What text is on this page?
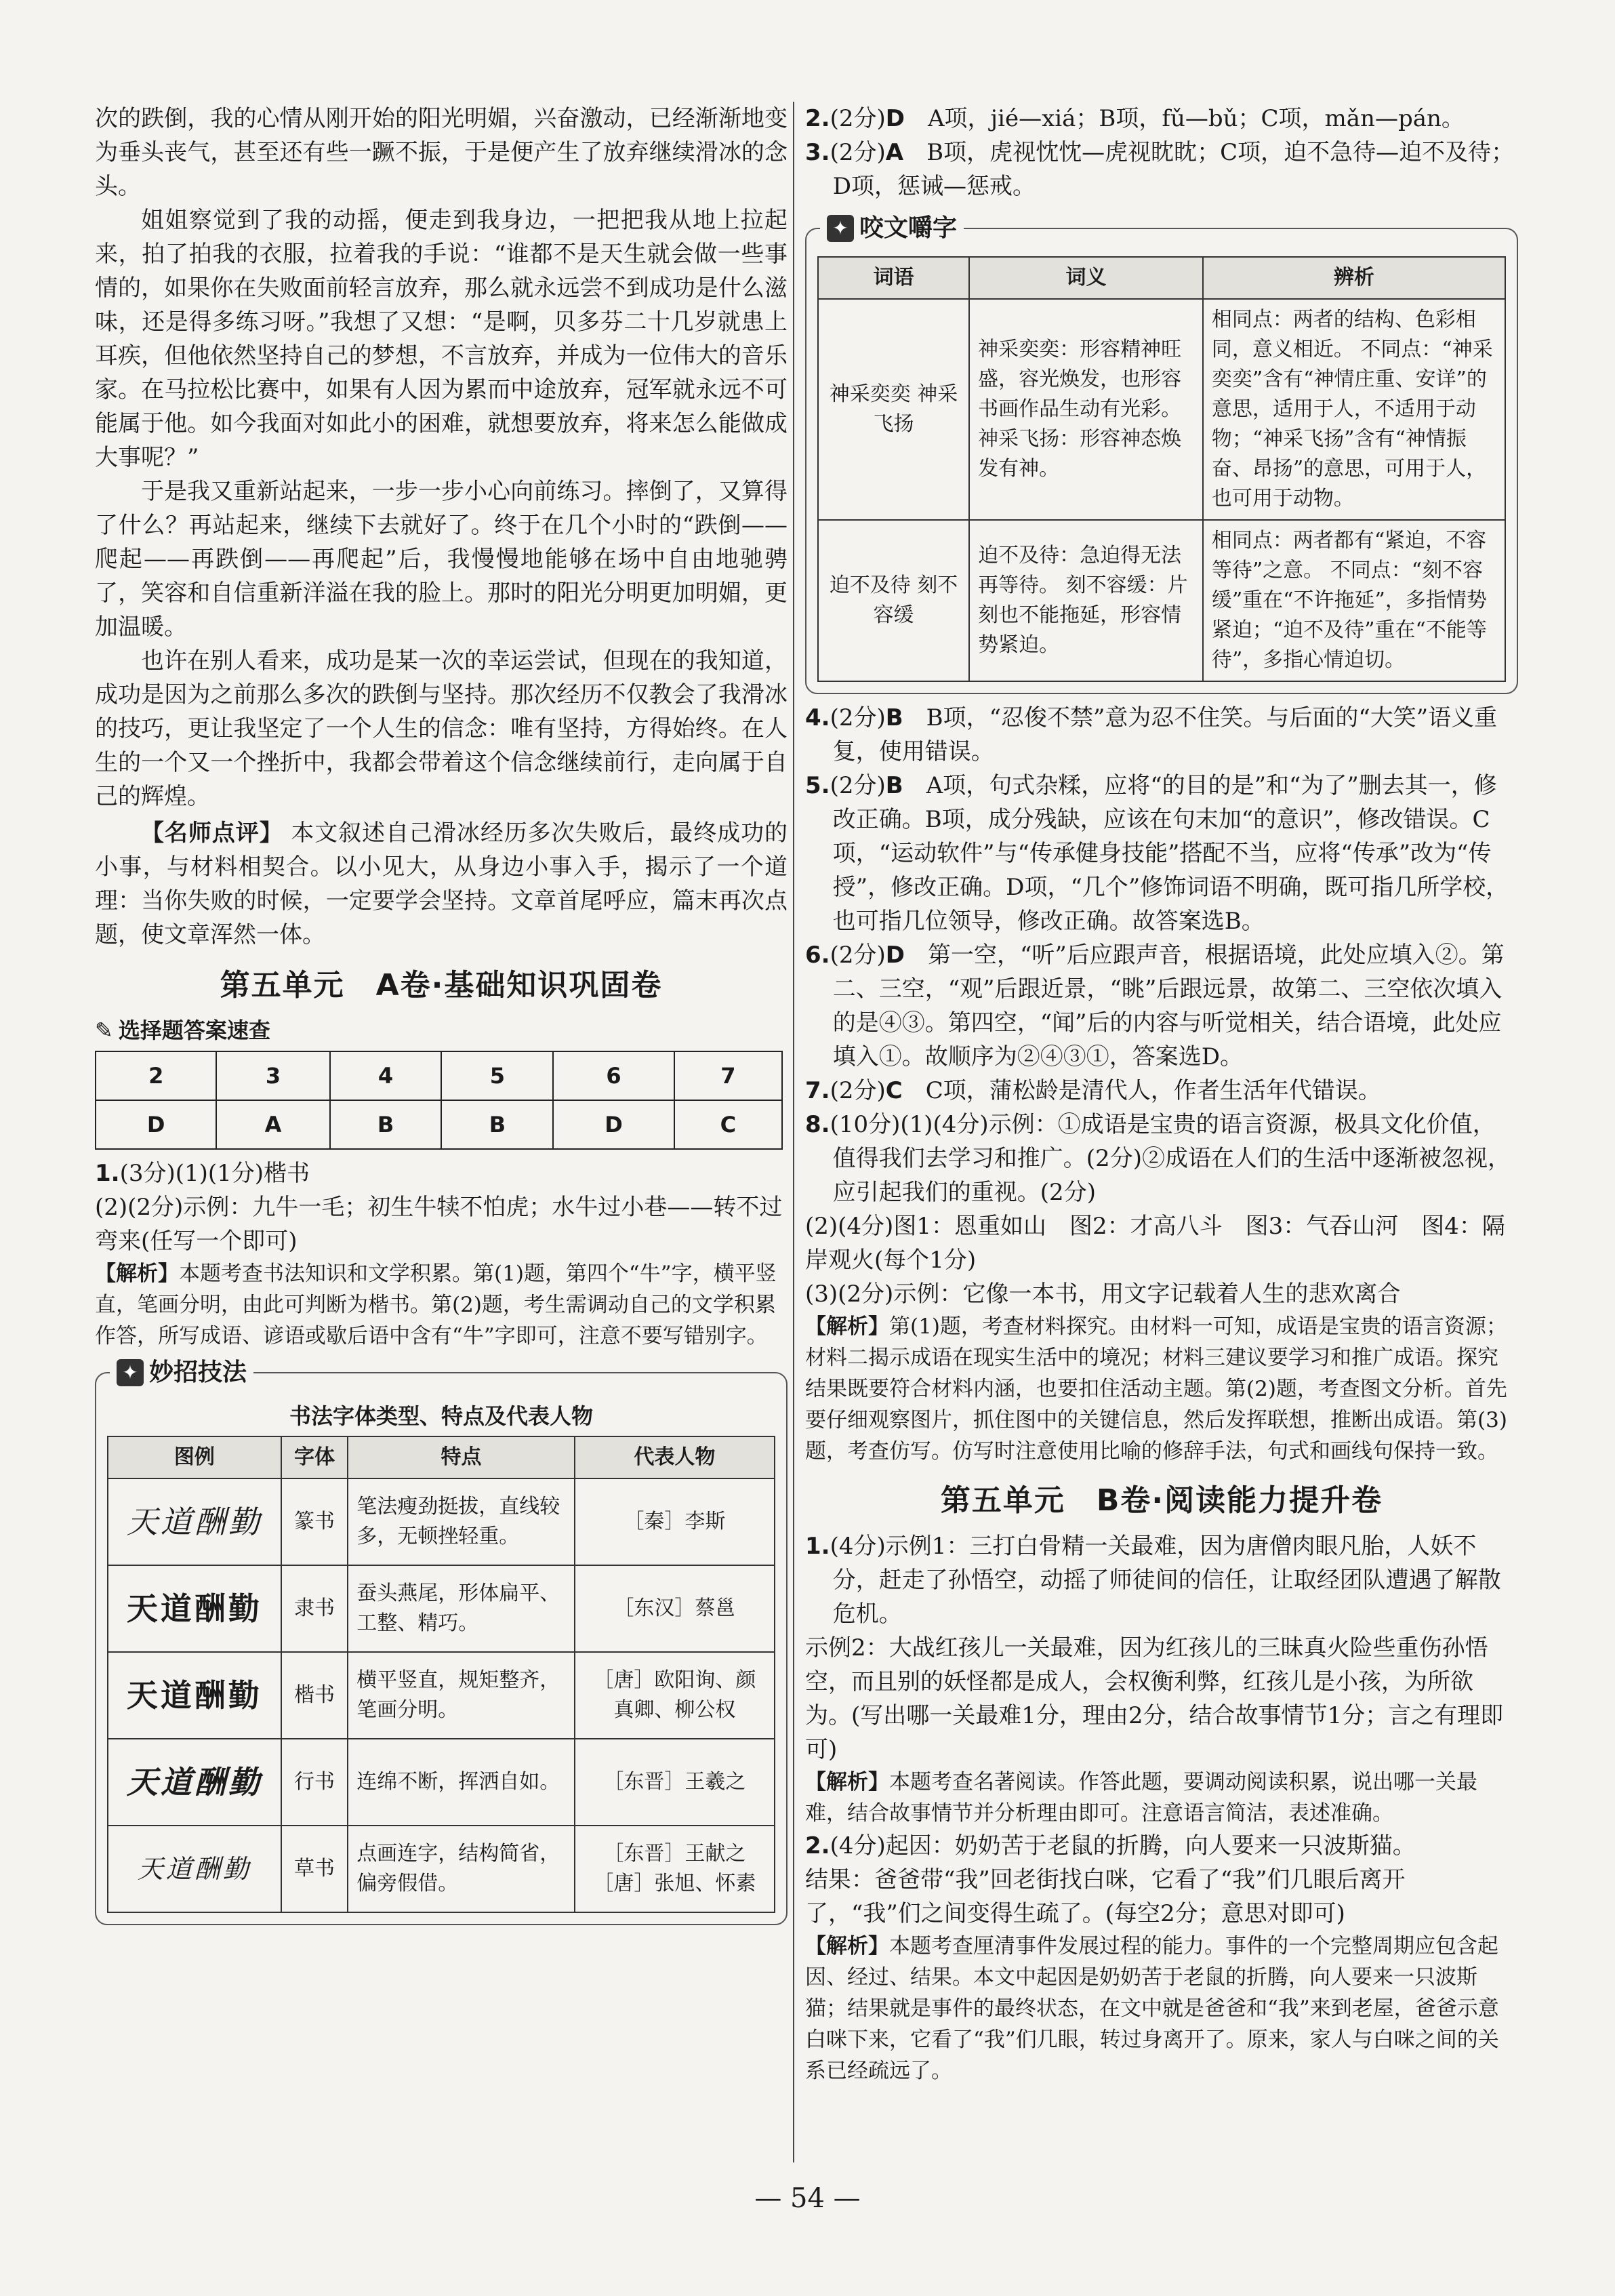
次的跌倒，我的心情从刚开始的阳光明媚，兴奋激动，已经渐渐地变为垂头丧气，甚至还有些一蹶不振，于是便产生了放弃继续滑冰的念头。
姐姐察觉到了我的动摇，便走到我身边，一把把我从地上拉起来，拍了拍我的衣服，拉着我的手说：“谁都不是天生就会做一些事情的，如果你在失败面前轻言放弃，那么就永远尝不到成功是什么滋味，还是得多练习呀。”我想了又想：“是啊，贝多芬二十几岁就患上耳疾，但他依然坚持自己的梦想，不言放弃，并成为一位伟大的音乐家。在马拉松比赛中，如果有人因为累而中途放弃，冠军就永远不可能属于他。如今我面对如此小的困难，就想要放弃，将来怎么能做成大事呢？”
于是我又重新站起来，一步一步小心向前练习。摔倒了，又算得了什么？再站起来，继续下去就好了。终于在几个小时的“跌倒——爬起——再跌倒——再爬起”后，我慢慢地能够在场中自由地驰骋了，笑容和自信重新洋溢在我的脸上。那时的阳光分明更加明媚，更加温暖。
也许在别人看来，成功是某一次的幸运尝试，但现在的我知道，成功是因为之前那么多次的跌倒与坚持。那次经历不仅教会了我滑冰的技巧，更让我坚定了一个人生的信念：唯有坚持，方得始终。在人生的一个又一个挫折中，我都会带着这个信念继续前行，走向属于自己的辉煌。
【名师点评】 本文叙述自己滑冰经历多次失败后，最终成功的小事，与材料相契合。以小见大，从身边小事入手，揭示了一个道理：当你失败的时候，一定要学会坚持。文章首尾呼应，篇末再次点题，使文章浑然一体。
第五单元　A卷·基础知识巩固卷
✎ 选择题答案速查
2	3	4	5	6	7
D	A	B	B	D	C
1.(3分)(1)(1分)楷书
(2)(2分)示例：九牛一毛；初生牛犊不怕虎；水牛过小巷——转不过弯来(任写一个即可)
【解析】本题考查书法知识和文学积累。第(1)题，第四个“牛”字，横平竖直，笔画分明，由此可判断为楷书。第(2)题，考生需调动自己的文学积累作答，所写成语、谚语或歇后语中含有“牛”字即可，注意不要写错别字。
✦ 妙招技法
书法字体类型、特点及代表人物
图例	字体	特点	代表人物
天道酬勤	篆书	笔法瘦劲挺拔，直线较多，无顿挫轻重。	［秦］李斯
天道酬勤	隶书	蚕头燕尾，形体扁平、工整、精巧。	［东汉］蔡邕
天道酬勤	楷书	横平竖直，规矩整齐，笔画分明。	［唐］欧阳询、颜真卿、柳公权
天道酬勤	行书	连绵不断，挥洒自如。	［东晋］王羲之
天道酬勤	草书	点画连字，结构简省，偏旁假借。	［东晋］王献之 ［唐］张旭、怀素
2.(2分)D　 A项，jié—xiá；B项，fǔ—bǔ；C项，mǎn—pán。
3.(2分)A　 B项，虎视忱忱—虎视眈眈；C项，迫不急待—迫不及待；D项，惩诫—惩戒。
✦ 咬文嚼字
词语	词义	辨析
神采奕奕 神采飞扬	神采奕奕：形容精神旺盛，容光焕发，也形容书画作品生动有光彩。 神采飞扬：形容神态焕发有神。	相同点：两者的结构、色彩相同，意义相近。 不同点：“神采奕奕”含有“神情庄重、安详”的意思，适用于人，不适用于动物；“神采飞扬”含有“神情振奋、昂扬”的意思，可用于人，也可用于动物。
迫不及待 刻不容缓	迫不及待：急迫得无法再等待。 刻不容缓：片刻也不能拖延，形容情势紧迫。	相同点：两者都有“紧迫，不容等待”之意。 不同点：“刻不容缓”重在“不许拖延”，多指情势紧迫；“迫不及待”重在“不能等待”，多指心情迫切。
4.(2分)B　 B项，“忍俊不禁”意为忍不住笑。与后面的“大笑”语义重复，使用错误。
5.(2分)B　 A项，句式杂糅，应将“的目的是”和“为了”删去其一，修改正确。B项，成分残缺，应该在句末加“的意识”，修改错误。C项，“运动软件”与“传承健身技能”搭配不当，应将“传承”改为“传授”，修改正确。D项，“几个”修饰词语不明确，既可指几所学校，也可指几位领导，修改正确。故答案选B。
6.(2分)D　 第一空，“听”后应跟声音，根据语境，此处应填入②。第二、三空，“观”后跟近景，“眺”后跟远景，故第二、三空依次填入的是④③。第四空，“闻”后的内容与听觉相关，结合语境，此处应填入①。故顺序为②④③①，答案选D。
7.(2分)C　 C项，蒲松龄是清代人，作者生活年代错误。
8.(10分)(1)(4分)示例：①成语是宝贵的语言资源，极具文化价值，值得我们去学习和推广。(2分)②成语在人们的生活中逐渐被忽视，应引起我们的重视。(2分)
(2)(4分)图1：恩重如山　图2：才高八斗　图3：气吞山河　图4：隔岸观火(每个1分)
(3)(2分)示例：它像一本书，用文字记载着人生的悲欢离合
【解析】第(1)题，考查材料探究。由材料一可知，成语是宝贵的语言资源；材料二揭示成语在现实生活中的境况；材料三建议要学习和推广成语。探究结果既要符合材料内涵，也要扣住活动主题。第(2)题，考查图文分析。首先要仔细观察图片，抓住图中的关键信息，然后发挥联想，推断出成语。第(3)题，考查仿写。仿写时注意使用比喻的修辞手法，句式和画线句保持一致。
第五单元　B卷·阅读能力提升卷
1.(4分)示例1：三打白骨精一关最难，因为唐僧肉眼凡胎，人妖不分，赶走了孙悟空，动摇了师徒间的信任，让取经团队遭遇了解散危机。
示例2：大战红孩儿一关最难，因为红孩儿的三昧真火险些重伤孙悟空，而且别的妖怪都是成人，会权衡利弊，红孩儿是小孩，为所欲为。(写出哪一关最难1分，理由2分，结合故事情节1分；言之有理即可)
【解析】本题考查名著阅读。作答此题，要调动阅读积累，说出哪一关最难，结合故事情节并分析理由即可。注意语言简洁，表述准确。
2.(4分)起因：奶奶苦于老鼠的折腾，向人要来一只波斯猫。
结果：爸爸带“我”回老街找白咪，它看了“我”们几眼后离开了，“我”们之间变得生疏了。(每空2分；意思对即可)
【解析】本题考查厘清事件发展过程的能力。事件的一个完整周期应包含起因、经过、结果。本文中起因是奶奶苦于老鼠的折腾，向人要来一只波斯猫；结果就是事件的最终状态，在文中就是爸爸和“我”来到老屋，爸爸示意白咪下来，它看了“我”们几眼，转过身离开了。原来，家人与白咪之间的关系已经疏远了。
— 54 —
